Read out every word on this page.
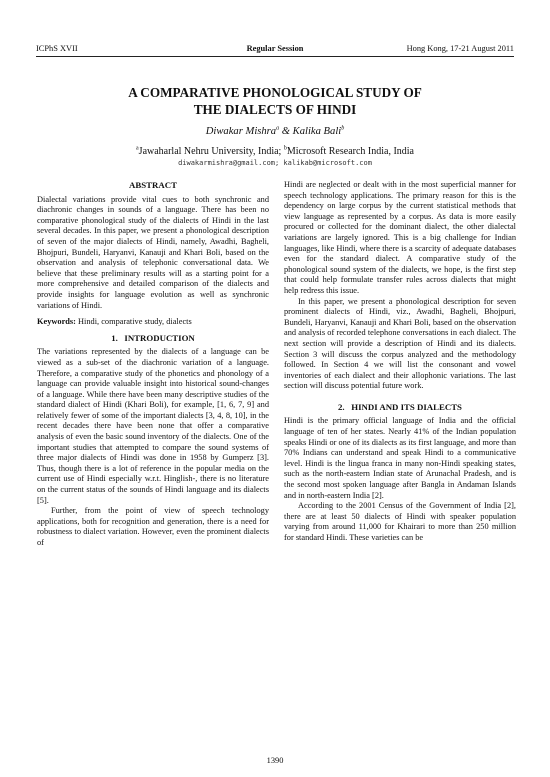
ICPhS XVII	Regular Session	Hong Kong, 17-21 August 2011
A COMPARATIVE PHONOLOGICAL STUDY OF
THE DIALECTS OF HINDI
Diwakar Mishra$^a$ & Kalika Bali$^b$
$^a$Jawaharlal Nehru University, India; $^b$Microsoft Research India, India
diwakarmishra@gmail.com; kalikab@microsoft.com
ABSTRACT

Dialectal variations provide vital cues to both synchronic and diachronic changes in sounds of a language. There has been no comparative phonological study of the dialects of Hindi in the last several decades. In this paper, we present a phonological description of seven of the major dialects of Hindi, namely, Awadhi, Bagheli, Bhojpuri, Bundeli, Haryanvi, Kanauji and Khari Boli, based on the observation and analysis of telephonic conversational data. We believe that these preliminary results will as a starting point for a more comprehensive and detailed comparison of the dialects and provide insights for language evolution as well as synchronic variations of Hindi.

Keywords: Hindi, comparative study, dialects

1.   INTRODUCTION

The variations represented by the dialects of a language can be viewed as a sub-set of the diachronic variation of a language. Therefore, a comparative study of the phonetics and phonology of a language can provide valuable insight into historical sound-changes of a language. While there have been many descriptive studies of the standard dialect of Hindi (Khari Boli), for example, [1, 6, 7, 9] and relatively fewer of some of the important dialects [3, 4, 8, 10], in the recent decades there have been none that offer a comparative analysis of even the basic sound inventory of the dialects. One of the important studies that attempted to compare the sound systems of three major dialects of Hindi was done in 1958 by Gumperz [3]. Thus, though there is a lot of reference in the popular media on the current use of Hindi especially w.r.t. Hinglish-, there is no literature on the current status of the sounds of Hindi language and its dialects [5].

Further, from the point of view of speech technology applications, both for recognition and generation, there is a need for robustness to dialect variation. However, even the prominent dialects of

Hindi are neglected or dealt with in the most superficial manner for speech technology applications. The primary reason for this is the dependency on large corpus by the current statistical methods that view language as represented by a corpus. As data is more easily procured or collected for the dominant dialect, the other dialectal variations are largely ignored. This is a big challenge for Indian languages, like Hindi, where there is a scarcity of adequate databases even for the standard dialect. A comparative study of the phonological sound system of the dialects, we hope, is the first step that could help formulate transfer rules across dialects that might help redress this issue.

In this paper, we present a phonological description for seven prominent dialects of Hindi, viz., Awadhi, Bagheli, Bhojpuri, Bundeli, Haryanvi, Kanauji and Khari Boli, based on the observation and analysis of recorded telephone conversations in each dialect. The next section will provide a description of Hindi and its dialects. Section 3 will discuss the corpus analyzed and the methodology followed. In Section 4 we will list the consonant and vowel inventories of each dialect and their allophonic variations. The last section will discuss potential future work.

2.   HINDI AND ITS DIALECTS

Hindi is the primary official language of India and the official language of ten of her states. Nearly 41% of the Indian population speaks Hindi or one of its dialects as its first language, and more than 70% Indians can understand and speak Hindi to a communicative level. Hindi is the lingua franca in many non-Hindi speaking states, such as the north-eastern Indian state of Arunachal Pradesh, and is the second most spoken language after Bangla in Andaman Islands and in north-eastern India [2].

According to the 2001 Census of the Government of India [2], there are at least 50 dialects of Hindi with speaker population varying from around 11,000 for Khairari to more than 250 million for standard Hindi. These varieties can be

1390
